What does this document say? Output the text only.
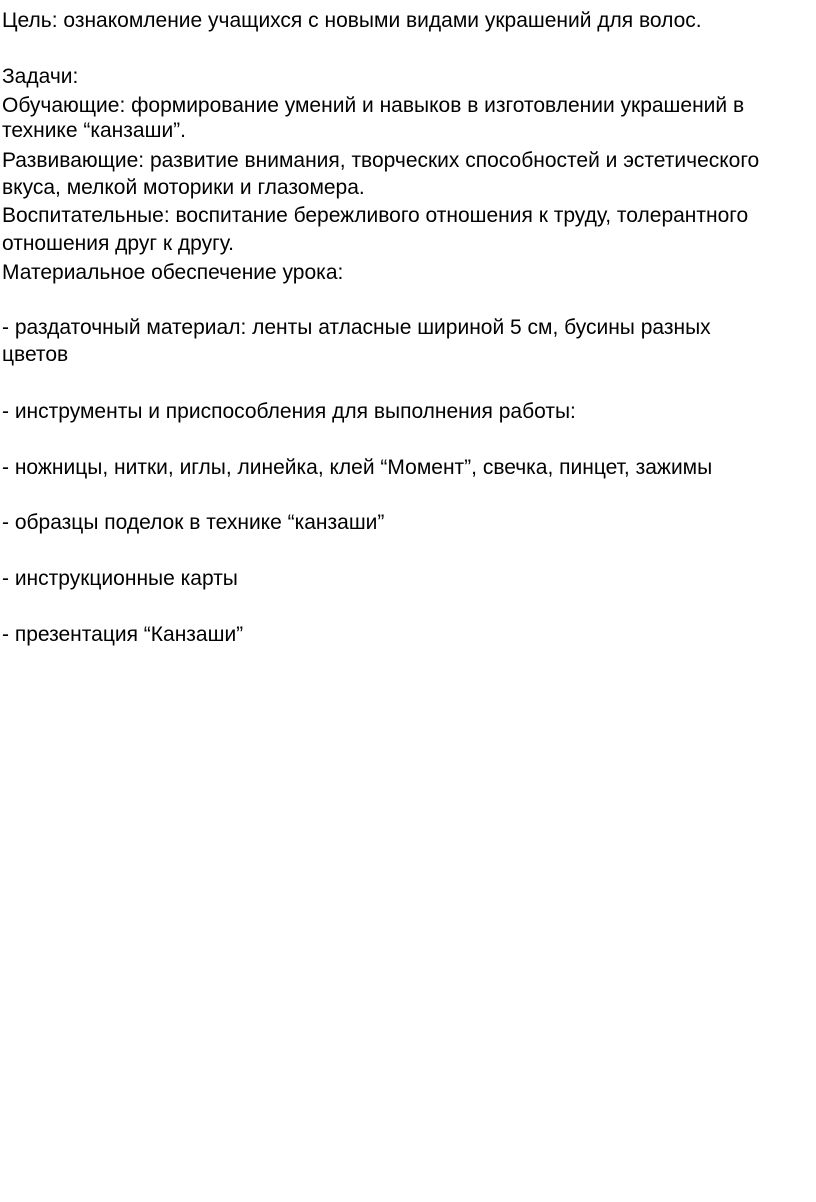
Цель: ознакомление учащихся с новыми видами украшений для волос.
Задачи:
Обучающие: формирование умений и навыков в изготовлении украшений в
технике “канзаши”.
Развивающие: развитие внимания, творческих способностей и эстетического
вкуса, мелкой моторики и глазомера.
Воспитательные: воспитание бережливого отношения к труду, толерантного
отношения друг к другу.
Материальное обеспечение урока:
- раздаточный материал: ленты атласные шириной 5 см, бусины разных
цветов
- инструменты и приспособления для выполнения работы:
- ножницы, нитки, иглы, линейка, клей “Момент”, свечка, пинцет, зажимы
- образцы поделок в технике “канзаши”
- инструкционные карты
- презентация “Канзаши”
